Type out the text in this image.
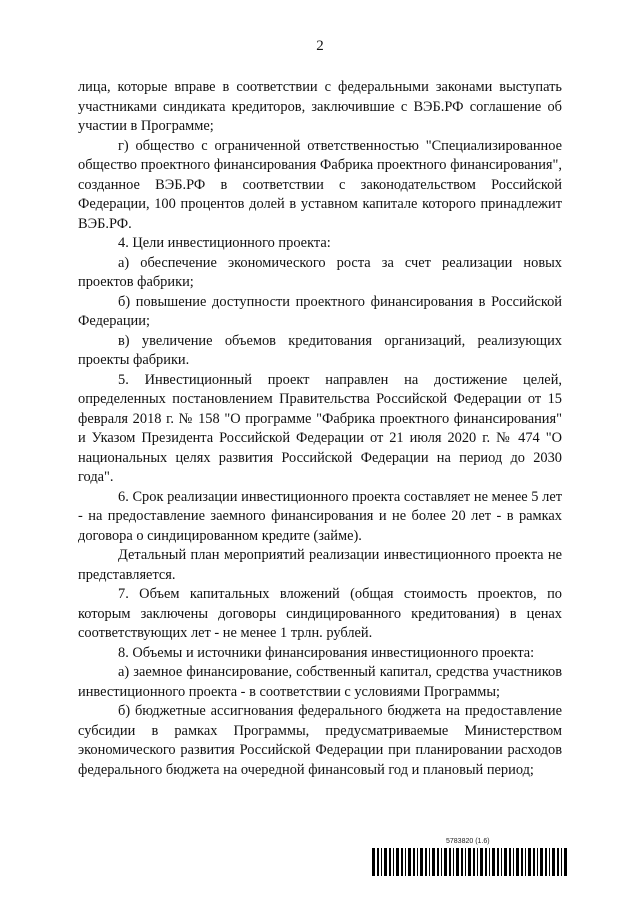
2

лица, которые вправе в соответствии с федеральными законами выступать участниками синдиката кредиторов, заключившие с ВЭБ.РФ соглашение об участии в Программе;

г) общество с ограниченной ответственностью "Специализированное общество проектного финансирования Фабрика проектного финансирования", созданное ВЭБ.РФ в соответствии с законодательством Российской Федерации, 100 процентов долей в уставном капитале которого принадлежит ВЭБ.РФ.

4. Цели инвестиционного проекта:

а) обеспечение экономического роста за счет реализации новых проектов фабрики;

б) повышение доступности проектного финансирования в Российской Федерации;

в) увеличение объемов кредитования организаций, реализующих проекты фабрики.

5. Инвестиционный проект направлен на достижение целей, определенных постановлением Правительства Российской Федерации от 15 февраля 2018 г. № 158 "О программе "Фабрика проектного финансирования" и Указом Президента Российской Федерации от 21 июля 2020 г. № 474 "О национальных целях развития Российской Федерации на период до 2030 года".

6. Срок реализации инвестиционного проекта составляет не менее 5 лет - на предоставление заемного финансирования и не более 20 лет - в рамках договора о синдицированном кредите (займе).

Детальный план мероприятий реализации инвестиционного проекта не представляется.

7. Объем капитальных вложений (общая стоимость проектов, по которым заключены договоры синдицированного кредитования) в ценах соответствующих лет - не менее 1 трлн. рублей.

8. Объемы и источники финансирования инвестиционного проекта:

а) заемное финансирование, собственный капитал, средства участников инвестиционного проекта - в соответствии с условиями Программы;

б) бюджетные ассигнования федерального бюджета на предоставление субсидии в рамках Программы, предусматриваемые Министерством экономического развития Российской Федерации при планировании расходов федерального бюджета на очередной финансовый год и плановый период;

5783820 (1.6)
